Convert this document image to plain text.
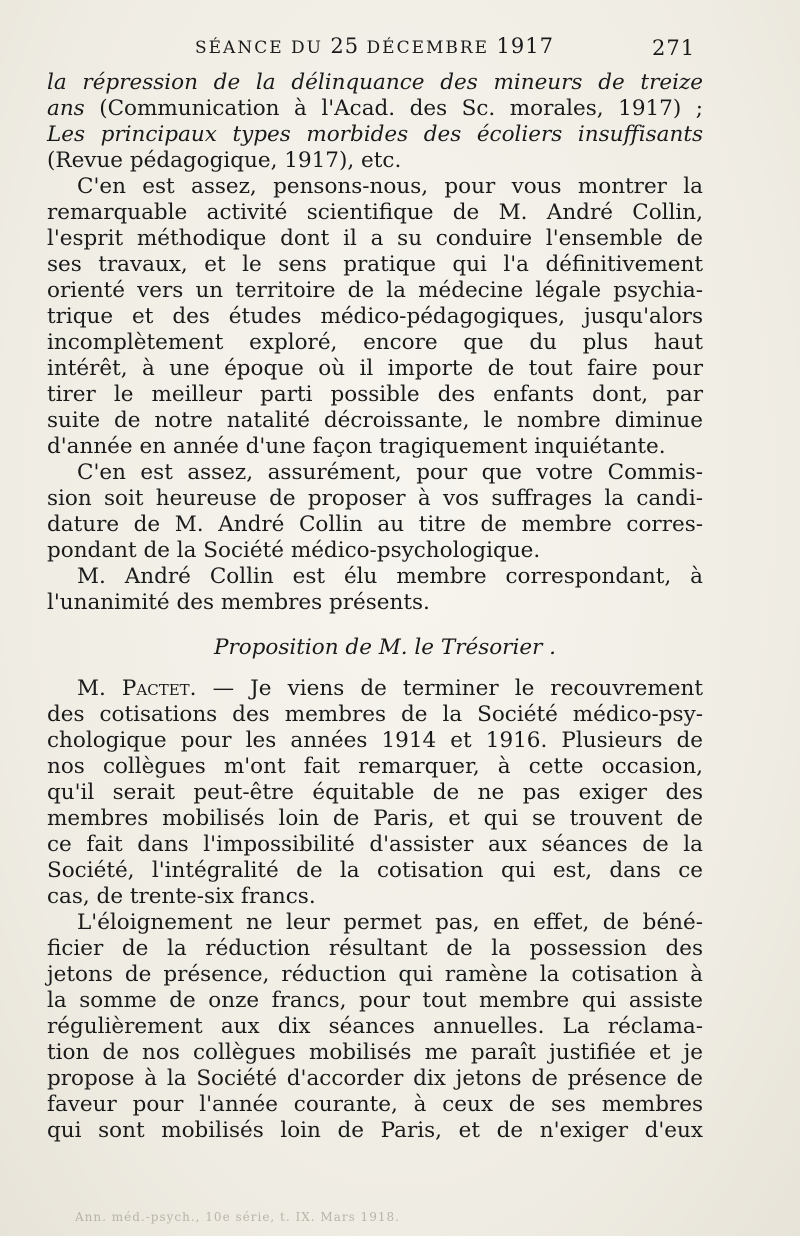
SÉANCE DU 25 DÉCEMBRE 1917	271
la répression de la délinquance des mineurs de treize
ans (Communication à l'Acad. des Sc. morales, 1917) ;
Les principaux types morbides des écoliers insuffisants
(Revue pédagogique, 1917), etc.
C'en est assez, pensons-nous, pour vous montrer la
remarquable activité scientifique de M. André Collin,
l'esprit méthodique dont il a su conduire l'ensemble de
ses travaux, et le sens pratique qui l'a définitivement
orienté vers un territoire de la médecine légale psychia-
trique et des études médico-pédagogiques, jusqu'alors
incomplètement exploré, encore que du plus haut
intérêt, à une époque où il importe de tout faire pour
tirer le meilleur parti possible des enfants dont, par
suite de notre natalité décroissante, le nombre diminue
d'année en année d'une façon tragiquement inquiétante.
C'en est assez, assurément, pour que votre Commis-
sion soit heureuse de proposer à vos suffrages la candi-
dature de M. André Collin au titre de membre corres-
pondant de la Société médico-psychologique.
M. André Collin est élu membre correspondant, à
l'unanimité des membres présents.
Proposition de M. le Trésorier .
M. Pactet. — Je viens de terminer le recouvrement
des cotisations des membres de la Société médico-psy-
chologique pour les années 1914 et 1916. Plusieurs de
nos collègues m'ont fait remarquer, à cette occasion,
qu'il serait peut-être équitable de ne pas exiger des
membres mobilisés loin de Paris, et qui se trouvent de
ce fait dans l'impossibilité d'assister aux séances de la
Société, l'intégralité de la cotisation qui est, dans ce
cas, de trente-six francs.
L'éloignement ne leur permet pas, en effet, de béné-
ficier de la réduction résultant de la possession des
jetons de présence, réduction qui ramène la cotisation à
la somme de onze francs, pour tout membre qui assiste
régulièrement aux dix séances annuelles. La réclama-
tion de nos collègues mobilisés me paraît justifiée et je
propose à la Société d'accorder dix jetons de présence de
faveur pour l'année courante, à ceux de ses membres
qui sont mobilisés loin de Paris, et de n'exiger d'eux
Ann. méd.-psych., 10e série, t. IX. Mars 1918.
